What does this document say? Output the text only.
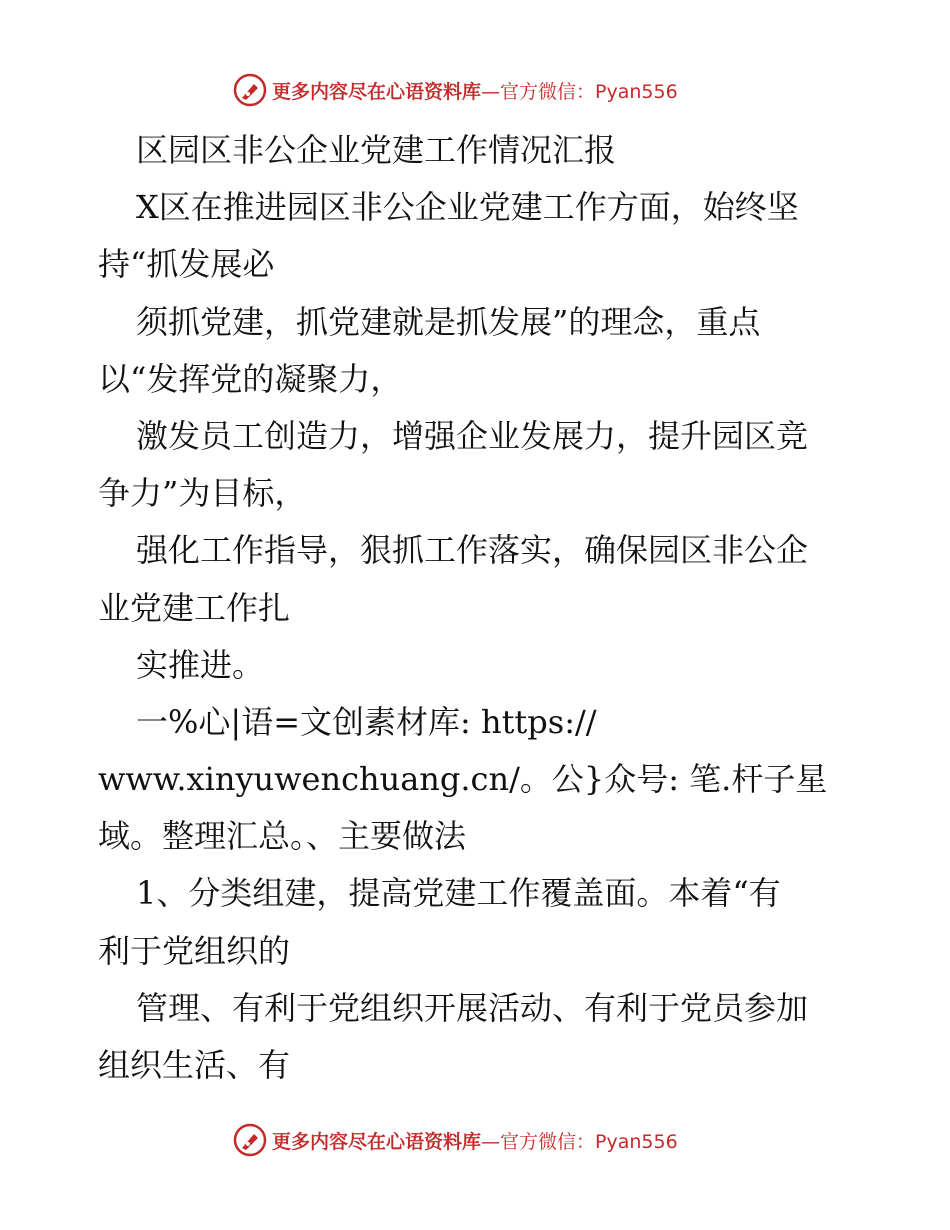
更多内容尽在心语资料库—官方微信：Pyan556
区园区非公企业党建工作情况汇报
X区在推进园区非公企业党建工作方面，始终坚
持“抓发展必
须抓党建，抓党建就是抓发展”的理念，重点
以“发挥党的凝聚力，
激发员工创造力，增强企业发展力，提升园区竞
争力”为目标，
强化工作指导，狠抓工作落实，确保园区非公企
业党建工作扎
实推进。
一%心|语=文创素材库: https://
www.xinyuwenchuang.cn/。公}众号: 笔.杆子星
域。整理汇总。、主要做法
1、分类组建，提高党建工作覆盖面。本着“有
利于党组织的
管理、有利于党组织开展活动、有利于党员参加
组织生活、有
更多内容尽在心语资料库—官方微信：Pyan556
